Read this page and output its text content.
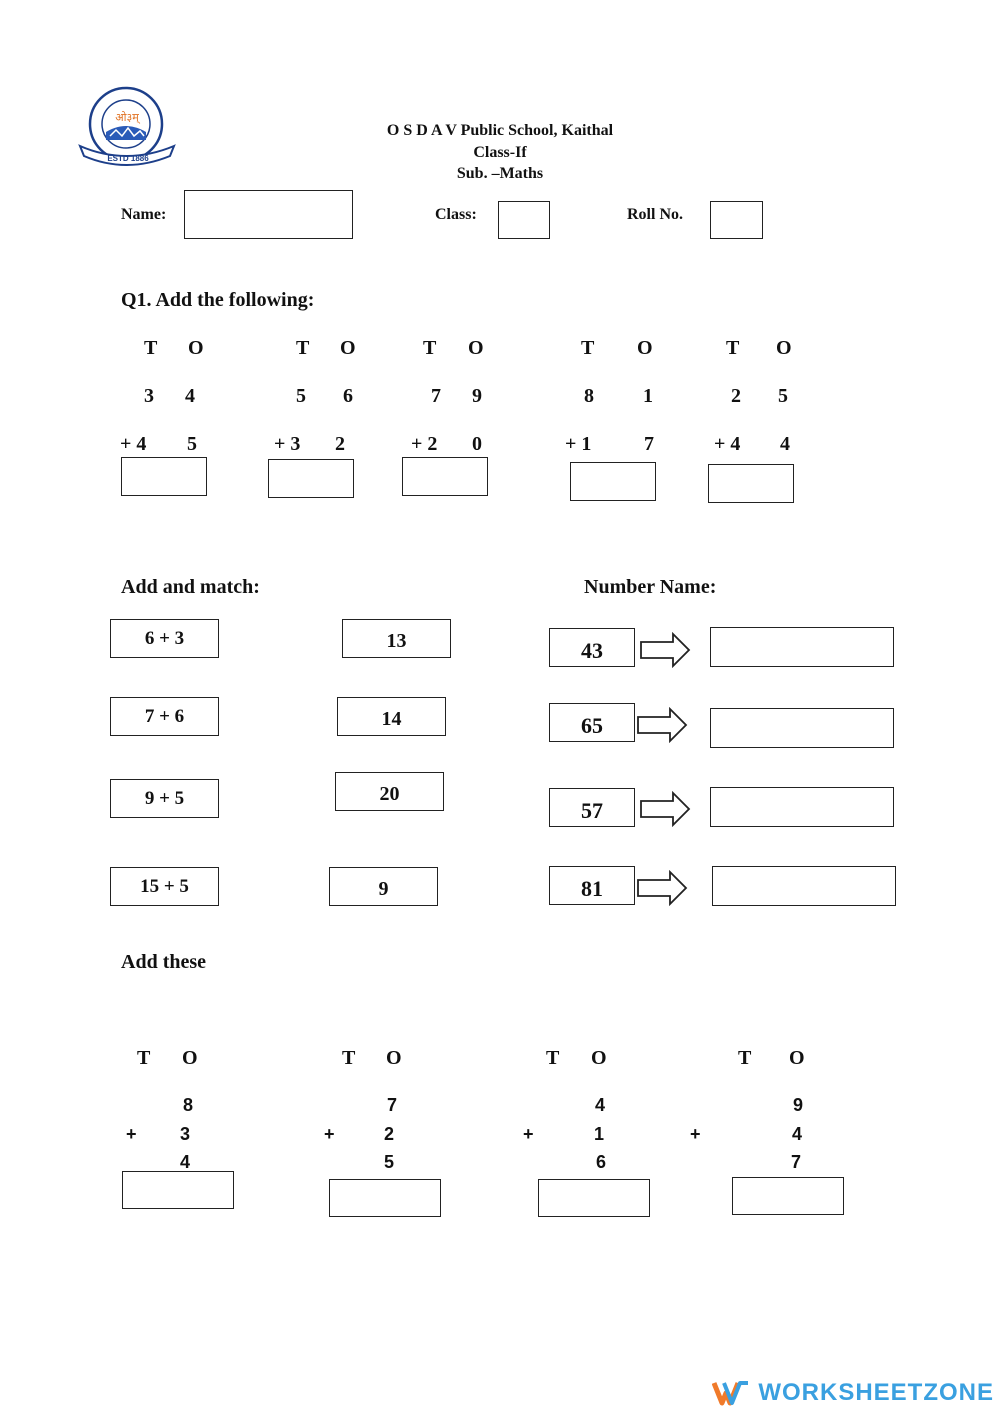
ओ३म्
ESTD 1886
O S D A V Public School, Kaithal
Class-If
Sub. –Maths
Name:	Class:	Roll No.
Q1. Add the following:
T O
3 4
+ 4 5
T O
5 6
+ 3 2
T O
7 9
+ 2 0
T O
8 1
+ 1	7
T O
2 5
+ 4 4
Add and match:	Number Name:
6 + 3
7 + 6
9 + 5
15 + 5
13
14
20
9
43
65
57
81
Add these
T O
8
+ 3
4
T O
7
+	2
5
T O
4
+	1
6
T O
9
+	4
7
WORKSHEETZONE
